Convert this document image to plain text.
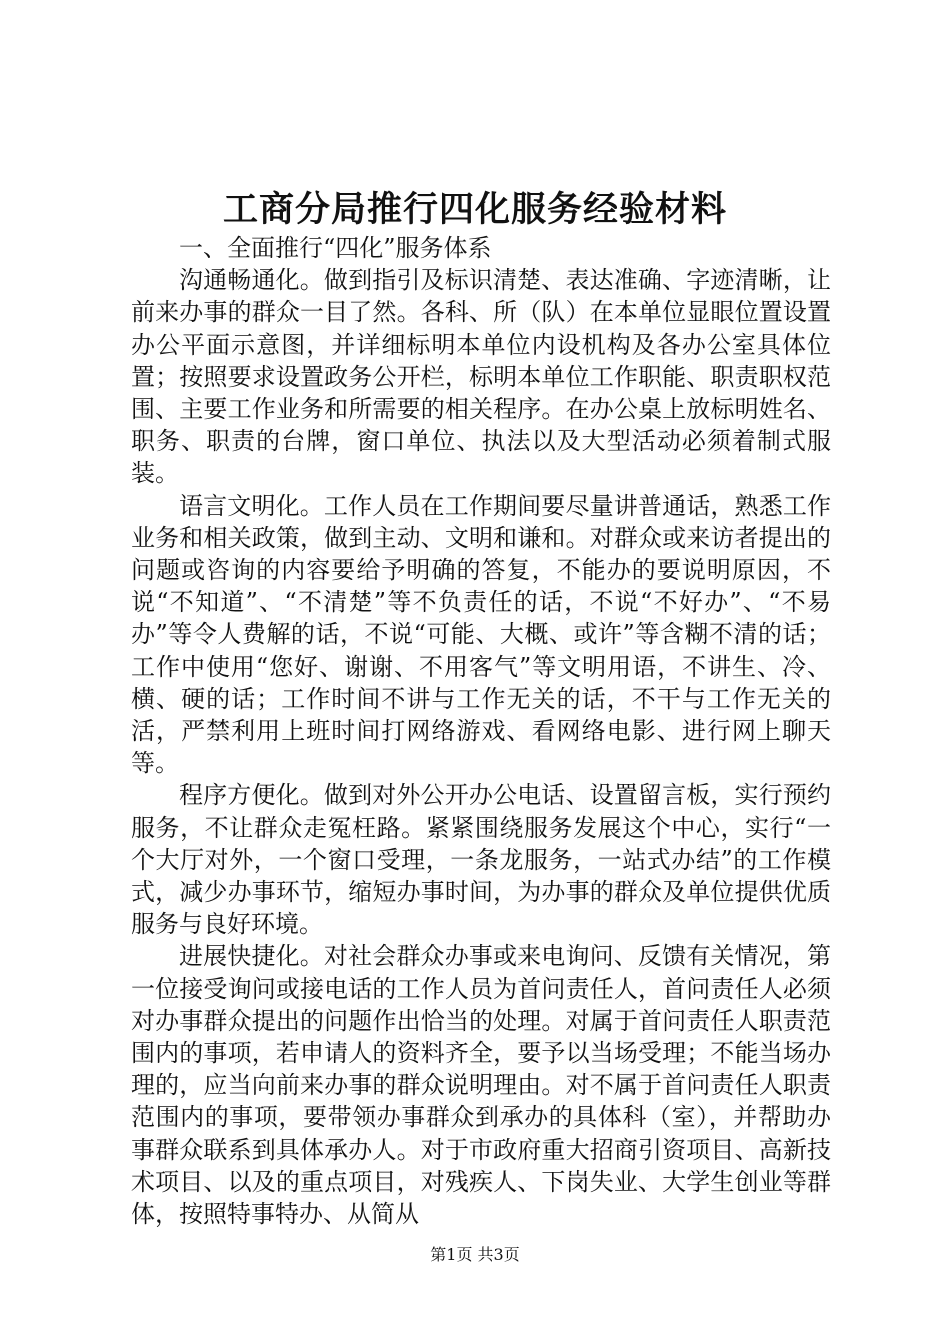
工商分局推行四化服务经验材料

一、全面推行“四化”服务体系

沟通畅通化。做到指引及标识清楚、表达准确、字迹清晰，让前来办事的群众一目了然。各科、所（队）在本单位显眼位置设置办公平面示意图，并详细标明本单位内设机构及各办公室具体位置；按照要求设置政务公开栏，标明本单位工作职能、职责职权范围、主要工作业务和所需要的相关程序。在办公桌上放标明姓名、职务、职责的台牌，窗口单位、执法以及大型活动必须着制式服装。

语言文明化。工作人员在工作期间要尽量讲普通话，熟悉工作业务和相关政策，做到主动、文明和谦和。对群众或来访者提出的问题或咨询的内容要给予明确的答复，不能办的要说明原因，不说“不知道”、“不清楚”等不负责任的话，不说“不好办”、“不易办”等令人费解的话，不说“可能、大概、或许”等含糊不清的话；工作中使用“您好、谢谢、不用客气”等文明用语，不讲生、冷、横、硬的话；工作时间不讲与工作无关的话，不干与工作无关的活，严禁利用上班时间打网络游戏、看网络电影、进行网上聊天等。

程序方便化。做到对外公开办公电话、设置留言板，实行预约服务，不让群众走冤枉路。紧紧围绕服务发展这个中心，实行“一个大厅对外，一个窗口受理，一条龙服务，一站式办结”的工作模式，减少办事环节，缩短办事时间，为办事的群众及单位提供优质服务与良好环境。

进展快捷化。对社会群众办事或来电询问、反馈有关情况，第一位接受询问或接电话的工作人员为首问责任人，首问责任人必须对办事群众提出的问题作出恰当的处理。对属于首问责任人职责范围内的事项，若申请人的资料齐全，要予以当场受理；不能当场办理的，应当向前来办事的群众说明理由。对不属于首问责任人职责范围内的事项，要带领办事群众到承办的具体科（室），并帮助办事群众联系到具体承办人。对于市政府重大招商引资项目、高新技术项目、以及的重点项目，对残疾人、下岗失业、大学生创业等群体，按照特事特办、从简从

第1页 共3页
